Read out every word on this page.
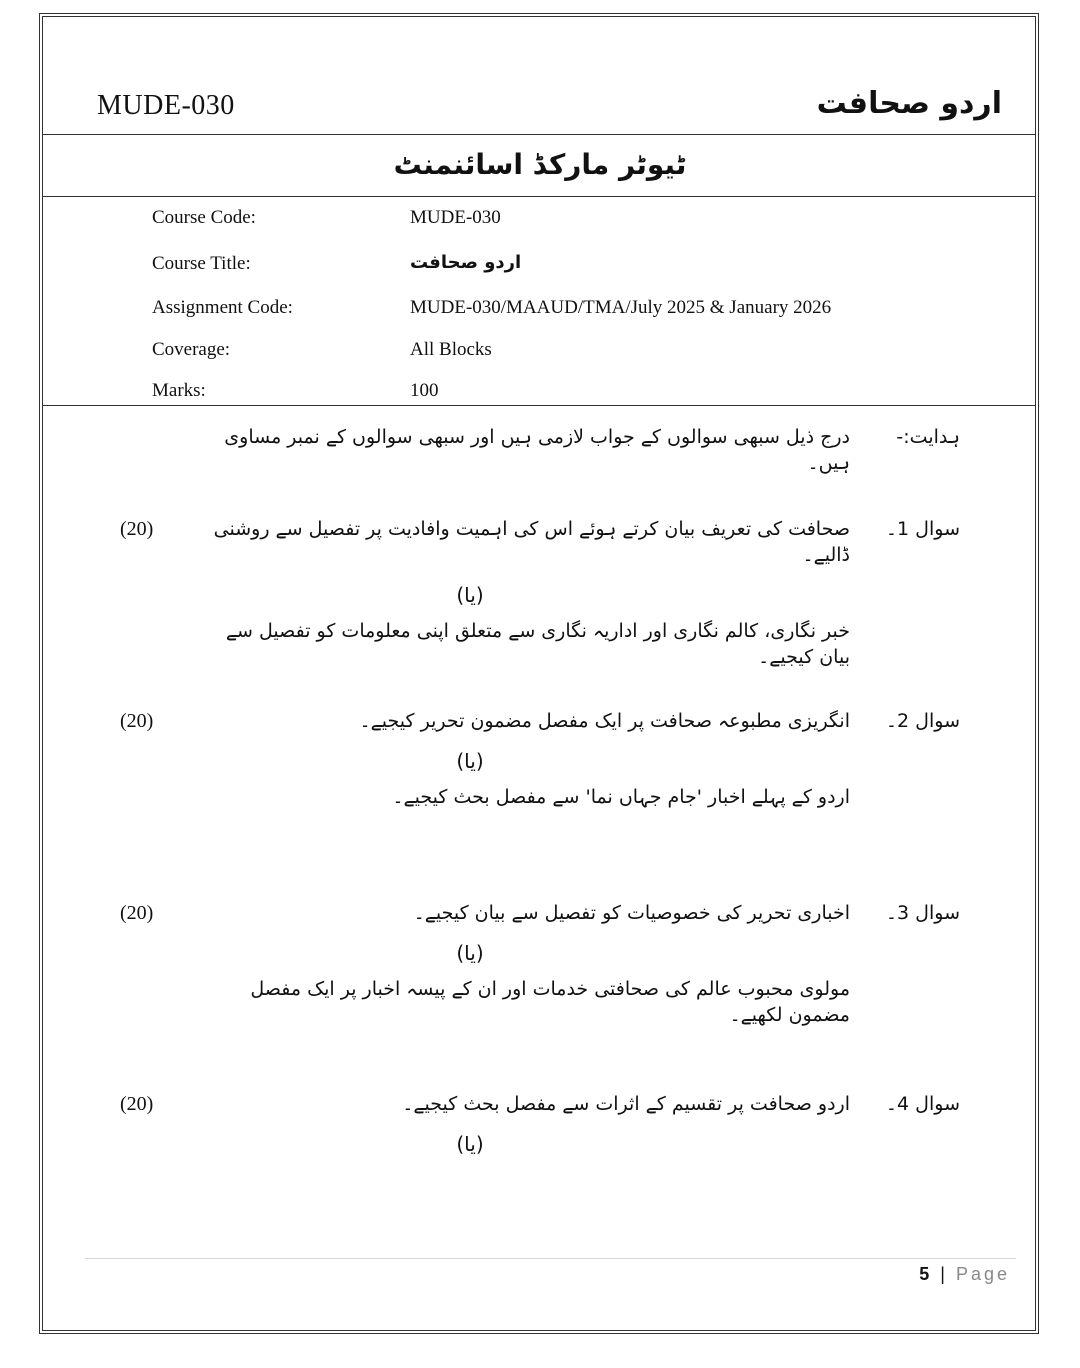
MUDE-030	اردو صحافت
ٹیوٹر مارکڈ اسائنمنٹ
Course Code:	MUDE-030
Course Title:	اردو صحافت
Assignment Code:	MUDE-030/MAAUD/TMA/July 2025 & January 2026
Coverage:	All Blocks
Marks:	100
ہدایت:-
درج ذیل سبھی سوالوں کے جواب لازمی ہیں اور سبھی سوالوں کے نمبر مساوی ہیں۔
سوال 1۔
صحافت کی تعریف بیان کرتے ہوئے اس کی اہمیت وافادیت پر تفصیل سے روشنی ڈالیے۔
(یا)
خبر نگاری، کالم نگاری اور اداریہ نگاری سے متعلق اپنی معلومات کو تفصیل سے بیان کیجیے۔
(20)
سوال 2۔
انگریزی مطبوعہ صحافت پر ایک مفصل مضمون تحریر کیجیے۔
(یا)
اردو کے پہلے اخبار 'جام جہاں نما' سے مفصل بحث کیجیے۔
(20)
سوال 3۔
اخباری تحریر کی خصوصیات کو تفصیل سے بیان کیجیے۔
(یا)
مولوی محبوب عالم کی صحافتی خدمات اور ان کے پیسہ اخبار پر ایک مفصل مضمون لکھیے۔
(20)
سوال 4۔
اردو صحافت پر تقسیم کے اثرات سے مفصل بحث کیجیے۔
(یا)
(20)
5 | Page
